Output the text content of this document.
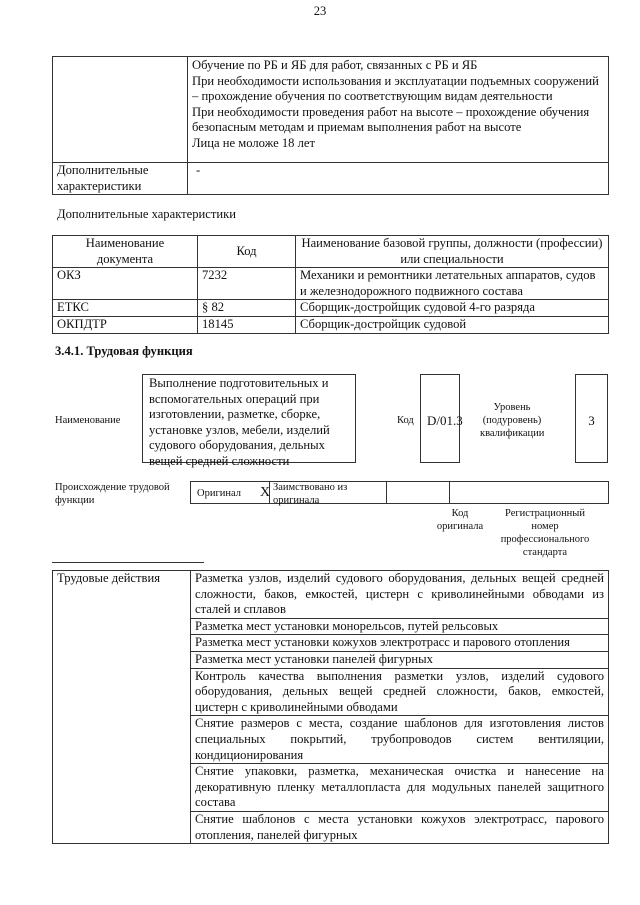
23

	Обучение по РБ и ЯБ для работ, связанных с РБ и ЯБ
При необходимости использования и эксплуатации подъемных сооружений – прохождение обучения по соответствующим видам деятельности
При необходимости проведения работ на высоте – прохождение обучения безопасным методам и приемам выполнения работ на высоте
Лица не моложе 18 лет

Дополнительные характеристики	-
Дополнительные характеристики
Наименование документа	Код	Наименование базовой группы, должности (профессии) или специальности
ОКЗ	7232	Механики и ремонтники летательных аппаратов, судов и железнодорожного подвижного состава
ЕТКС	§ 82	Сборщик-достройщик судовой 4-го разряда
ОКПДТР	18145	Сборщик-достройщик судовой
3.4.1. Трудовая функция
Наименование
Выполнение подготовительных и вспомогательных операций при изготовлении, разметке, сборке, установке узлов, мебели, изделий судового оборудования, дельных вещей средней сложности
Код	D/01.3
Уровень (подуровень) квалификации
3
Происхождение трудовой функции
Оригинал X Заимствовано из оригинала
Код оригинала
Регистрационный номер профессионального стандарта
Трудовые действия	Разметка узлов, изделий судового оборудования, дельных вещей средней сложности, баков, емкостей, цистерн с криволинейными обводами из сталей и сплавов
Разметка мест установки монорельсов, путей рельсовых
Разметка мест установки кожухов электротрасс и парового отопления
Разметка мест установки панелей фигурных
Контроль качества выполнения разметки узлов, изделий судового оборудования, дельных вещей средней сложности, баков, емкостей, цистерн с криволинейными обводами
Снятие размеров с места, создание шаблонов для изготовления листов специальных покрытий, трубопроводов систем вентиляции, кондиционирования
Снятие упаковки, разметка, механическая очистка и нанесение на декоративную пленку металлопласта для модульных панелей защитного состава
Снятие шаблонов с места установки кожухов электротрасс, парового отопления, панелей фигурных
